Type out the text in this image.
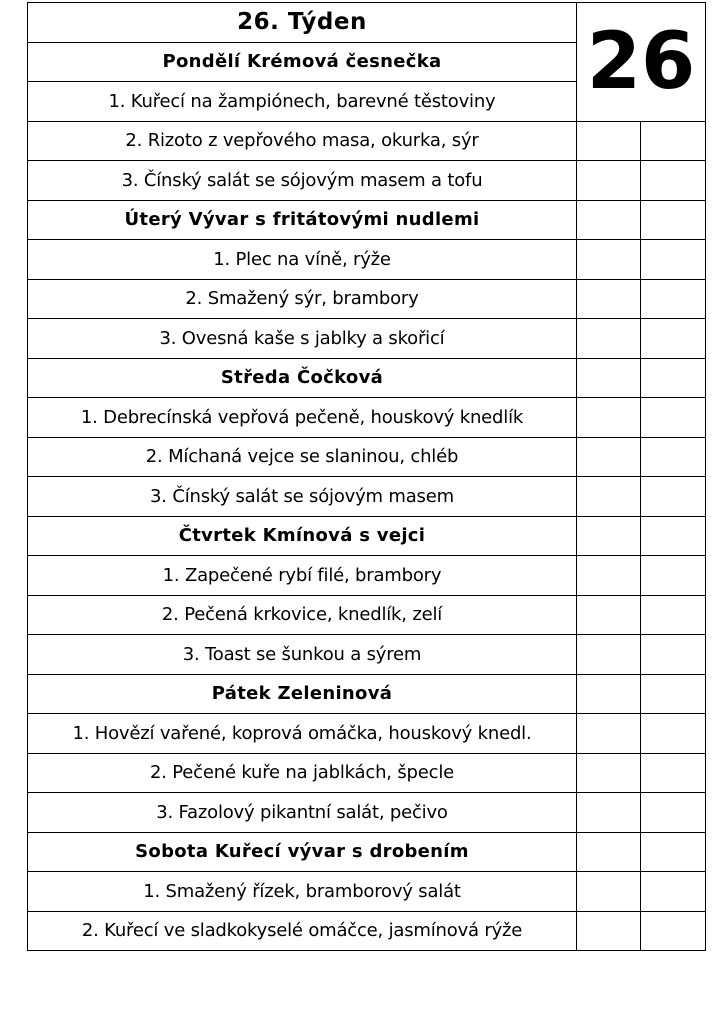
26. Týden	26	
Pondělí Krémová česnečka		
1. Kuřecí na žampiónech, barevné těstoviny		
2. Rizoto z vepřového masa, okurka, sýr		
3. Čínský salát se sójovým masem a tofu		
Úterý Vývar s fritátovými nudlemi		
1. Plec na víně, rýže		
2. Smažený sýr, brambory		
3. Ovesná kaše s jablky a skořicí		
Středa Čočková		
1. Debrecínská vepřová pečeně, houskový knedlík		
2. Míchaná vejce se slaninou, chléb		
3. Čínský salát se sójovým masem		
Čtvrtek Kmínová s vejci		
1. Zapečené rybí filé, brambory		
2. Pečená krkovice, knedlík, zelí		
3. Toast se šunkou a sýrem		
Pátek Zeleninová		
1. Hovězí vařené, koprová omáčka, houskový knedl.		
2. Pečené kuře na jablkách, špecle		
3. Fazolový pikantní salát, pečivo		
Sobota Kuřecí vývar s drobením		
1. Smažený řízek, bramborový salát		
2. Kuřecí ve sladkokyselé omáčce, jasmínová rýže		
